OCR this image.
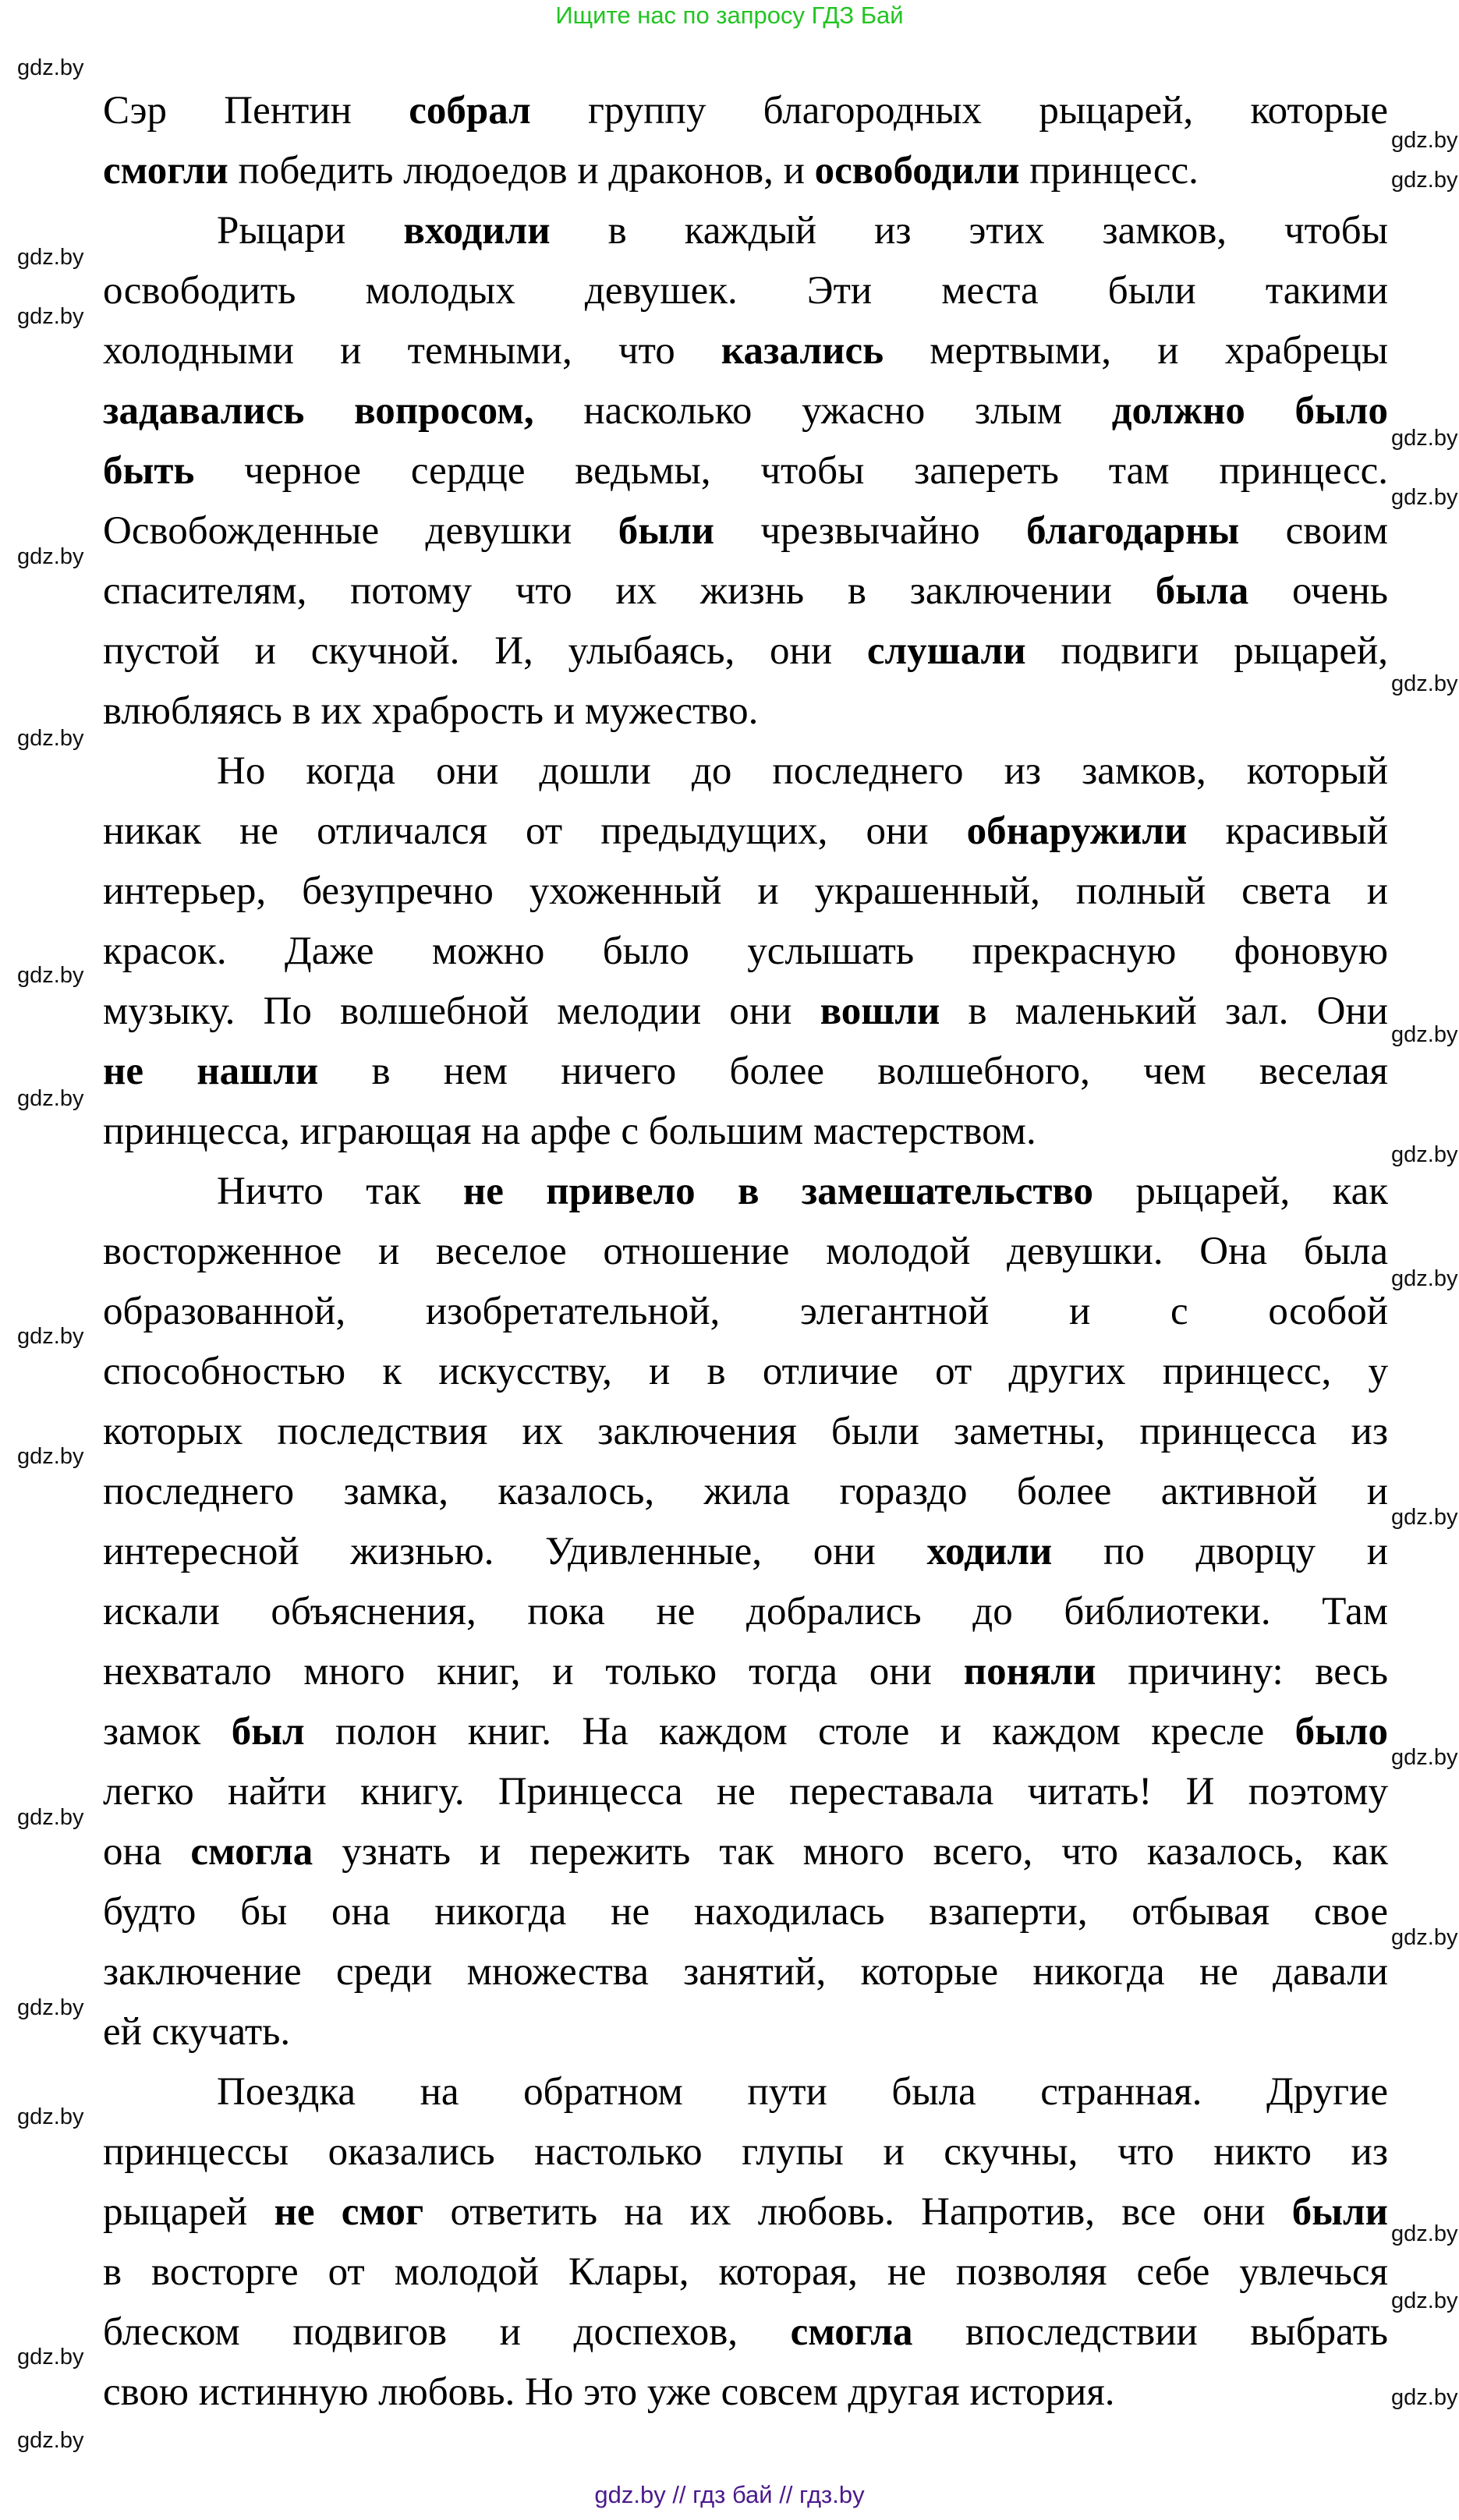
Ищите нас по запросу ГДЗ Бай
Сэр Пентин собрал группу благородных рыцарей, которые
смогли победить людоедов и драконов, и освободили принцесс.
Рыцари входили в каждый из этих замков, чтобы
освободить молодых девушек. Эти места были такими
холодными и темными, что казались мертвыми, и храбрецы
задавались вопросом, насколько ужасно злым должно было
быть черное сердце ведьмы, чтобы запереть там принцесс.
Освобожденные девушки были чрезвычайно благодарны своим
спасителям, потому что их жизнь в заключении была очень
пустой и скучной. И, улыбаясь, они слушали подвиги рыцарей,
влюбляясь в их храбрость и мужество.
Но когда они дошли до последнего из замков, который
никак не отличался от предыдущих, они обнаружили красивый
интерьер, безупречно ухоженный и украшенный, полный света и
красок. Даже можно было услышать прекрасную фоновую
музыку. По волшебной мелодии они вошли в маленький зал. Они
не нашли в нем ничего более волшебного, чем веселая
принцесса, играющая на арфе с большим мастерством.
Ничто так не привело в замешательство рыцарей, как
восторженное и веселое отношение молодой девушки. Она была
образованной, изобретательной, элегантной и с особой
способностью к искусству, и в отличие от других принцесс, у
которых последствия их заключения были заметны, принцесса из
последнего замка, казалось, жила гораздо более активной и
интересной жизнью. Удивленные, они ходили по дворцу и
искали объяснения, пока не добрались до библиотеки. Там
нехватало много книг, и только тогда они поняли причину: весь
замок был полон книг. На каждом столе и каждом кресле было
легко найти книгу. Принцесса не переставала читать! И поэтому
она смогла узнать и пережить так много всего, что казалось, как
будто бы она никогда не находилась взаперти, отбывая свое
заключение среди множества занятий, которые никогда не давали
ей скучать.
Поездка на обратном пути была странная. Другие
принцессы оказались настолько глупы и скучны, что никто из
рыцарей не смог ответить на их любовь. Напротив, все они были
в восторге от молодой Клары, которая, не позволяя себе увлечься
блеском подвигов и доспехов, смогла впоследствии выбрать
свою истинную любовь. Но это уже совсем другая история.
gdz.by
gdz.by
gdz.by
gdz.by
gdz.by
gdz.by
gdz.by
gdz.by
gdz.by
gdz.by
gdz.by
gdz.by
gdz.by
gdz.by
gdz.by
gdz.by
gdz.by
gdz.by
gdz.by
gdz.by
gdz.by
gdz.by
gdz.by
gdz.by
gdz.by
gdz.by
gdz.by
gdz.by
gdz.by // гдз бай // гдз.by
